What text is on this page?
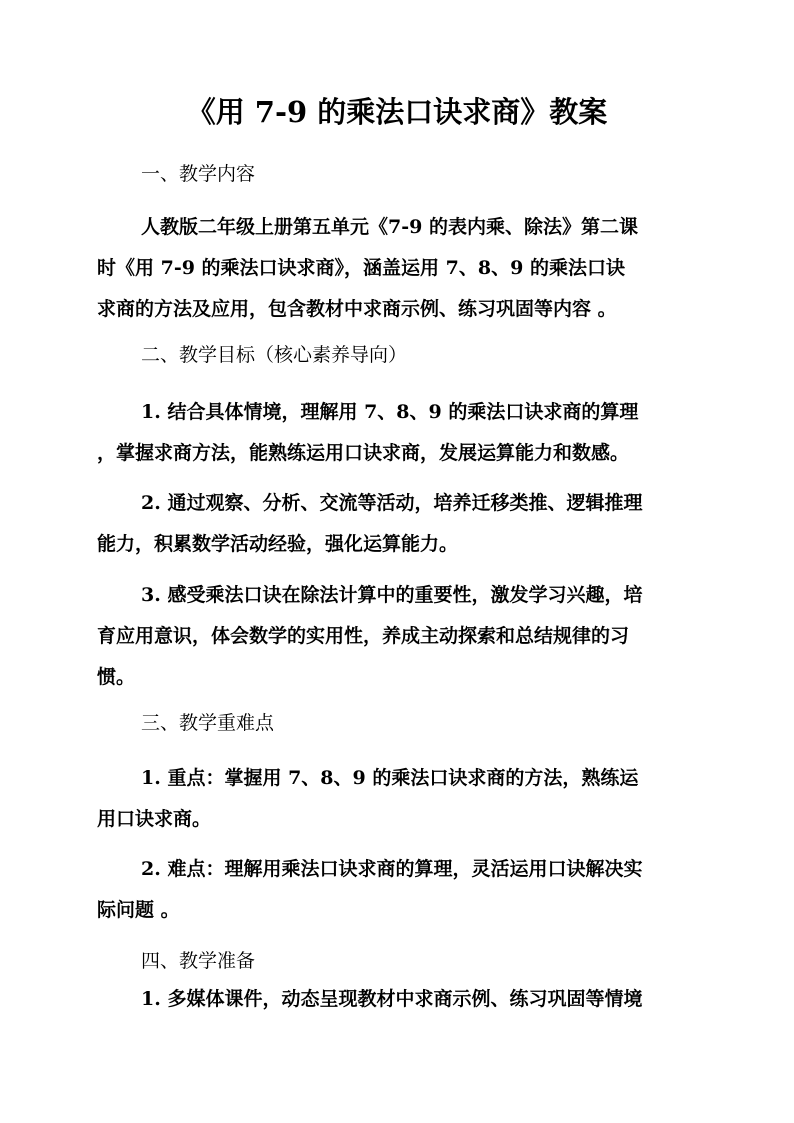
《用 7-9 的乘法口诀求商》教案
一、教学内容
人教版二年级上册第五单元《7-9 的表内乘、除法》第二课
时《用 7-9 的乘法口诀求商》，涵盖运用 7、8、9 的乘法口诀
求商的方法及应用，包含教材中求商示例、练习巩固等内容 。
二、教学目标（核心素养导向）
1. 结合具体情境，理解用 7、8、9 的乘法口诀求商的算理
，掌握求商方法，能熟练运用口诀求商，发展运算能力和数感。
2. 通过观察、分析、交流等活动，培养迁移类推、逻辑推理
能力，积累数学活动经验，强化运算能力。
3. 感受乘法口诀在除法计算中的重要性，激发学习兴趣，培
育应用意识，体会数学的实用性，养成主动探索和总结规律的习
惯。
三、教学重难点
1. 重点：掌握用 7、8、9 的乘法口诀求商的方法，熟练运
用口诀求商。
2. 难点：理解用乘法口诀求商的算理，灵活运用口诀解决实
际问题 。
四、教学准备
1. 多媒体课件，动态呈现教材中求商示例、练习巩固等情境
